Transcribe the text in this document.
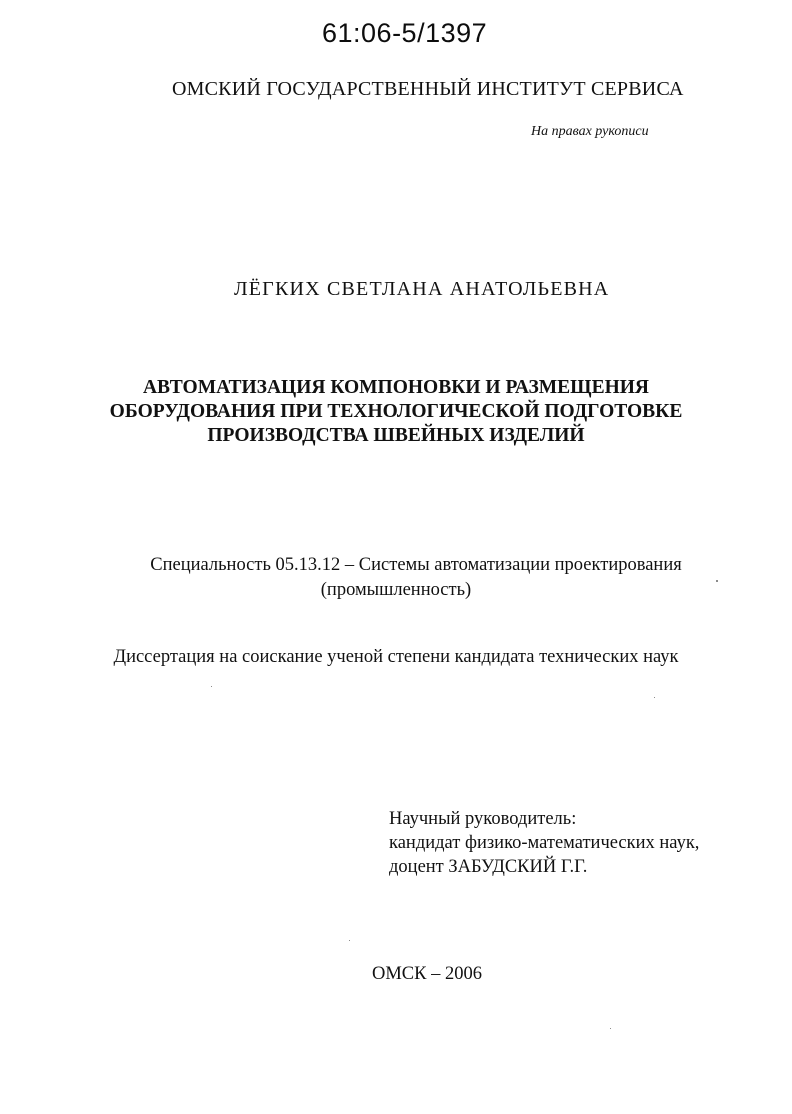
61:06-5/1397
ОМСКИЙ ГОСУДАРСТВЕННЫЙ ИНСТИТУТ СЕРВИСА
На правах рукописи
ЛЁГКИХ СВЕТЛАНА АНАТОЛЬЕВНА
АВТОМАТИЗАЦИЯ КОМПОНОВКИ И РАЗМЕЩЕНИЯ
ОБОРУДОВАНИЯ ПРИ ТЕХНОЛОГИЧЕСКОЙ ПОДГОТОВКЕ
ПРОИЗВОДСТВА ШВЕЙНЫХ ИЗДЕЛИЙ
Специальность 05.13.12 – Системы автоматизации проектирования
(промышленность)
Диссертация на соискание ученой степени кандидата технических наук
Научный руководитель:
кандидат физико-математических наук,
доцент ЗАБУДСКИЙ Г.Г.
ОМСК – 2006
